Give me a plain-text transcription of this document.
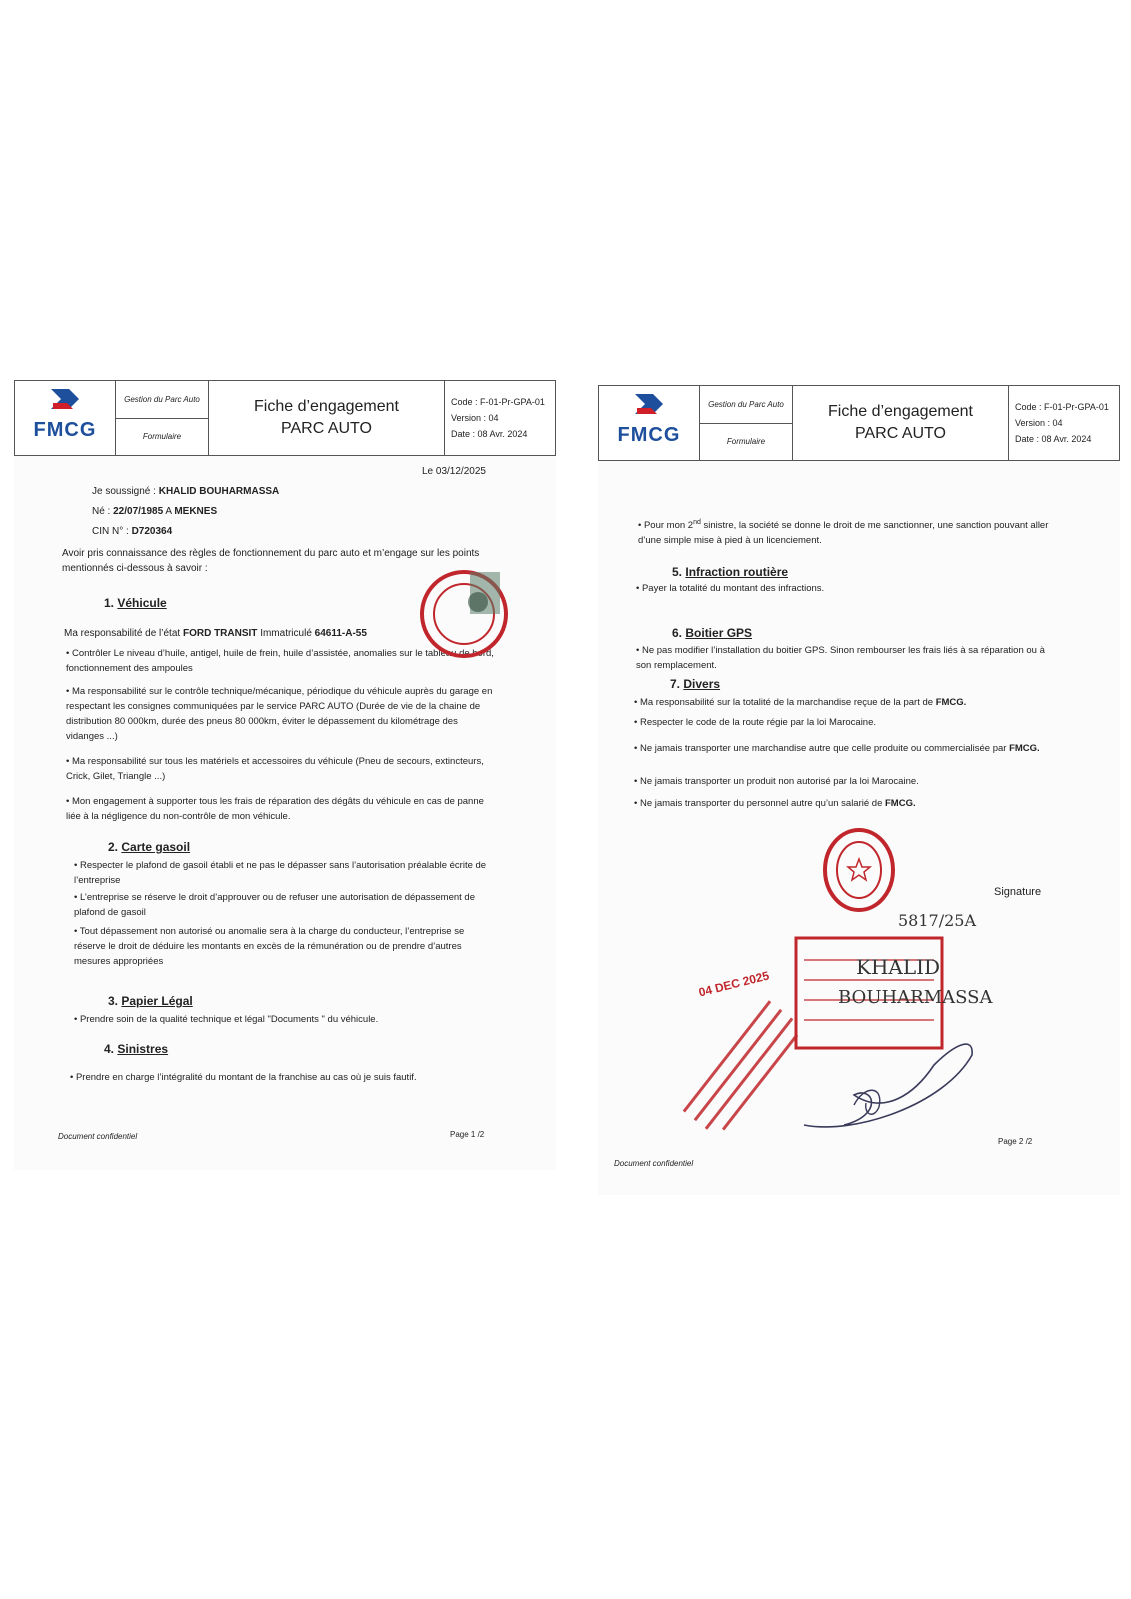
FMCG
Gestion du Parc Auto
Formulaire
Fiche d’engagement
PARC AUTO
Code : F-01-Pr-GPA-01
Version : 04
Date : 08 Avr. 2024
Le 03/12/2025
Je soussigné : KHALID BOUHARMASSA
Né : 22/07/1985 A MEKNES
CIN N° : D720364
Avoir pris connaissance des règles de fonctionnement du parc auto et m’engage sur les points mentionnés ci-dessous à savoir :
1. Véhicule
Ma responsabilité de l’état FORD TRANSIT Immatriculé 64611-A-55
• Contrôler Le niveau d’huile, antigel, huile de frein, huile d’assistée, anomalies sur le tableau de bord, fonctionnement des ampoules
• Ma responsabilité sur le contrôle technique/mécanique, périodique du véhicule auprès du garage en respectant les consignes communiquées par le service PARC AUTO (Durée de vie de la chaine de distribution 80 000km, durée des pneus 80 000km, éviter le dépassement du kilométrage des vidanges ...)
• Ma responsabilité sur tous les matériels et accessoires du véhicule (Pneu de secours, extincteurs, Crick, Gilet, Triangle ...)
• Mon engagement à supporter tous les frais de réparation des dégâts du véhicule en cas de panne liée à la négligence du non-contrôle de mon véhicule.
2. Carte gasoil
• Respecter le plafond de gasoil établi et ne pas le dépasser sans l’autorisation préalable écrite de l’entreprise
• L’entreprise se réserve le droit d’approuver ou de refuser une autorisation de dépassement de plafond de gasoil
• Tout dépassement non autorisé ou anomalie sera à la charge du conducteur, l’entreprise se réserve le droit de déduire les montants en excès de la rémunération ou de prendre d’autres mesures appropriées
3. Papier Légal
• Prendre soin de la qualité technique et légal "Documents " du véhicule.
4. Sinistres
• Prendre en charge l’intégralité du montant de la franchise au cas où je suis fautif.
Document confidentiel	Page 1 /2
FMCG
Gestion du Parc Auto
Formulaire
Fiche d’engagement
PARC AUTO
Code : F-01-Pr-GPA-01
Version : 04
Date : 08 Avr. 2024
• Pour mon 2nd sinistre, la société se donne le droit de me sanctionner, une sanction pouvant aller d’une simple mise à pied à un licenciement.
5. Infraction routière
• Payer la totalité du montant des infractions.
6. Boitier GPS
• Ne pas modifier l’installation du boitier GPS. Sinon rembourser les frais liés à sa réparation ou à son remplacement.
7. Divers
• Ma responsabilité sur la totalité de la marchandise reçue de la part de FMCG.
• Respecter le code de la route régie par la loi Marocaine.
• Ne jamais transporter une marchandise autre que celle produite ou commercialisée par FMCG.
• Ne jamais transporter un produit non autorisé par la loi Marocaine.
• Ne jamais transporter du personnel autre qu’un salarié de FMCG.
Signature
04 DEC 2025
5817/25A
KHALID
BOUHARMASSA
Document confidentiel
Page 2 /2
